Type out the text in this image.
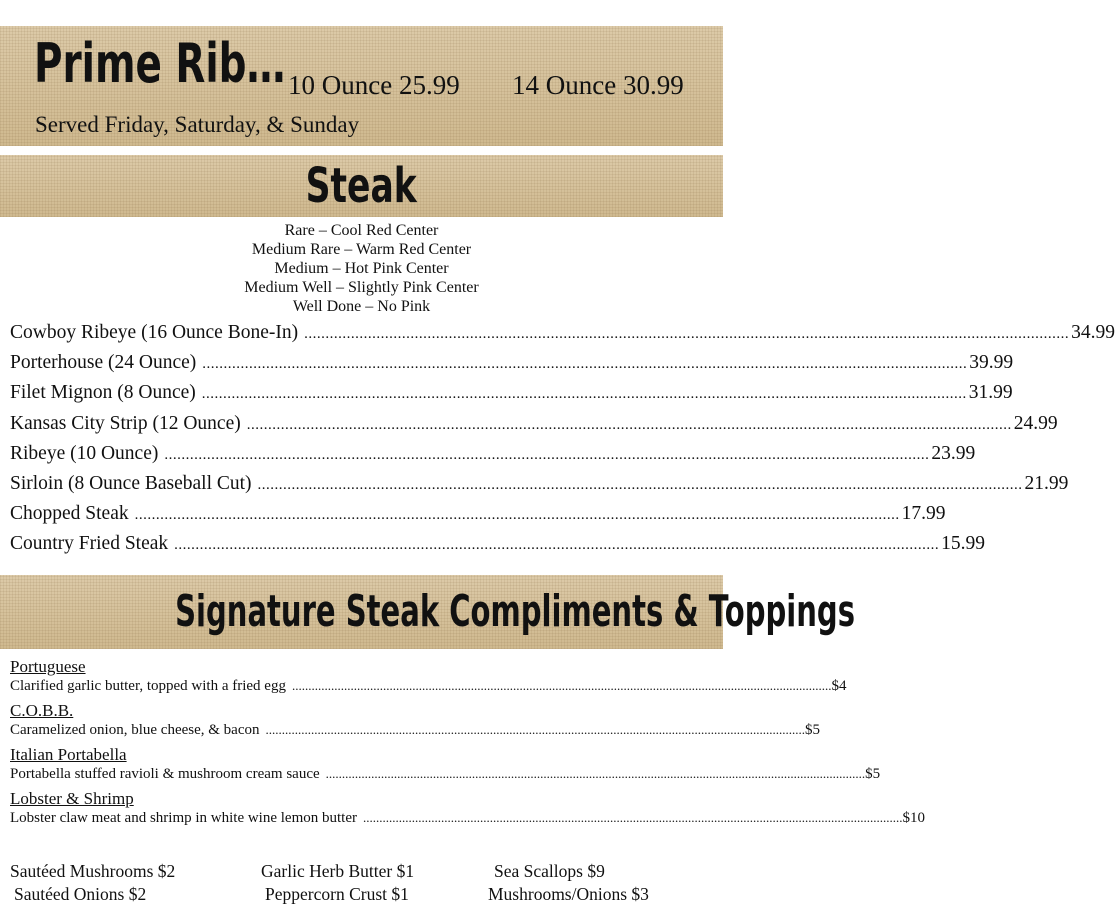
Prime Rib… 10 Ounce 25.99 14 Ounce 30.99
Served Friday, Saturday, & Sunday
Steak
Rare – Cool Red Center
Medium Rare – Warm Red Center
Medium – Hot Pink Center
Medium Well – Slightly Pink Center
Well Done – No Pink
Cowboy Ribeye (16 Ounce Bone-In) .....	34.99
Porterhouse (24 Ounce) .....	39.99
Filet Mignon (8 Ounce) .....	31.99
Kansas City Strip (12 Ounce) .....	24.99
Ribeye (10 Ounce) .....	23.99
Sirloin (8 Ounce Baseball Cut) .....	21.99
Chopped Steak .....	17.99
Country Fried Steak .....	15.99
Signature Steak Compliments & Toppings
Portuguese
Clarified garlic butter, topped with a fried egg .....	$4
C.O.B.B.
Caramelized onion, blue cheese, & bacon .....	$5
Italian Portabella
Portabella stuffed ravioli & mushroom cream sauce .....	$5
Lobster & Shrimp
Lobster claw meat and shrimp in white wine lemon butter .....	$10
Sautéed Mushrooms $2	Garlic Herb Butter $1	Sea Scallops $9
Sautéed Onions $2	Peppercorn Crust $1	Mushrooms/Onions $3
